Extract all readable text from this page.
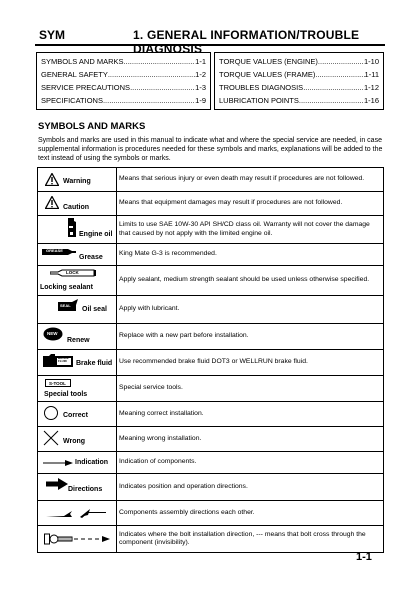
SYM	1. GENERAL INFORMATION/TROUBLE DIAGNOSIS
SYMBOLS AND MARKS .....	1-1
GENERAL SAFETY .....	1-2
SERVICE PRECAUTIONS .....	1-3
SPECIFICATIONS .....	1-9
TORQUE VALUES (ENGINE) .....	1-10
TORQUE VALUES (FRAME) .....	1-11
TROUBLES DIAGNOSIS .....	1-12
LUBRICATION POINTS .....	1-16
SYMBOLS AND MARKS
Symbols and marks are used in this manual to indicate what and where the special service are needed, in case supplemental information is procedures needed for these symbols and marks, explanations will be added to the text instead of using the symbols or marks.
Warning	Means that serious injury or even death may result if procedures are not followed.

Caution	Means that equipment damages may result if procedures are not followed.

Engine oil	Limits to use SAE 10W-30 API SH/CD class oil. Warranty will not cover the damage that caused by not apply with the limited engine oil.

GREASE
Grease	King Mate G-3 is recommended.

LOCK
Locking sealant	Apply sealant, medium strength sealant should be used unless otherwise specified.

SEAL
Oil seal	Apply with lubricant.

NEW
Renew	Replace with a new part before installation.

BRAKE FLUID Brake fluid	Use recommended brake fluid DOT3 or WELLRUN brake fluid.

S-TOOL
Special tools	Special service tools.

Correct	Meaning correct installation.

Wrong	Meaning wrong installation.

Indication	Indication of components.

Directions	Indicates position and operation directions.

	Components assembly directions each other.

	Indicates where the bolt installation direction, --- means that bolt cross through the component (invisibility).
1-1
